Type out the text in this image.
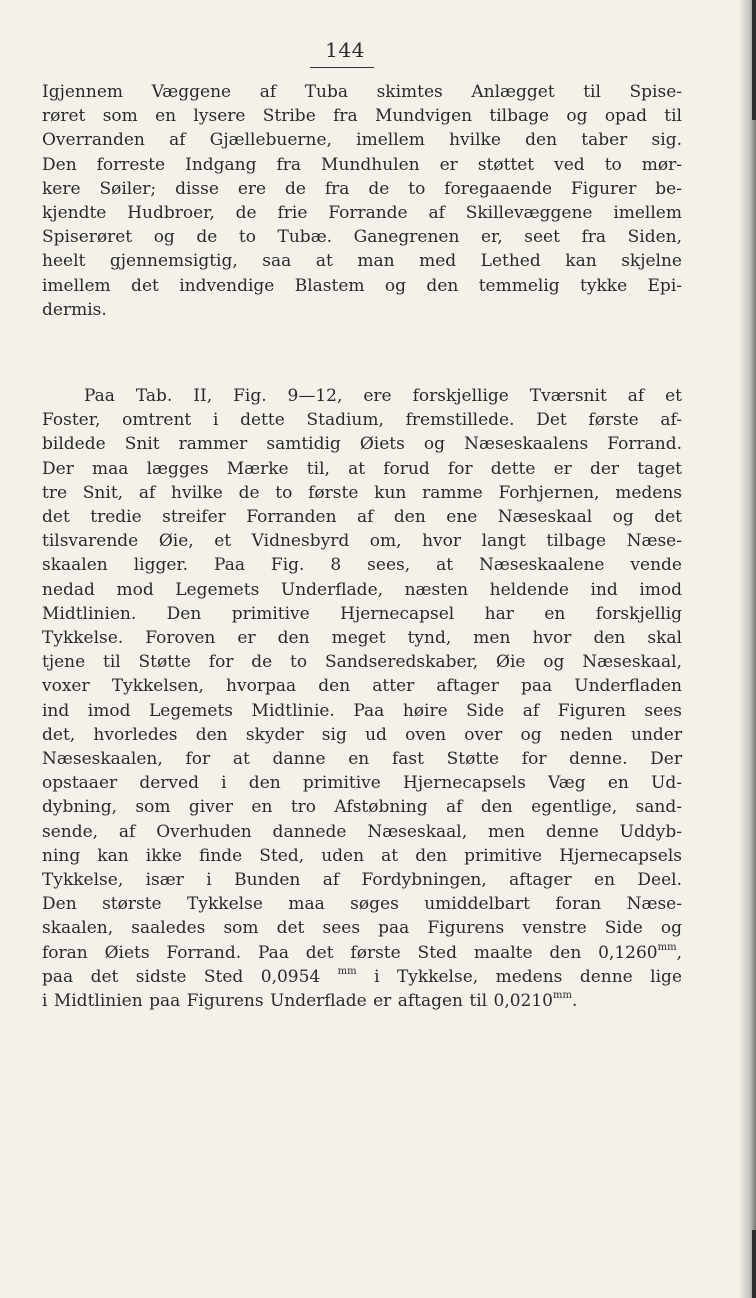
144
Igjennem Væggene af Tuba skimtes Anlægget til Spise-
røret som en lysere Stribe fra Mundvigen tilbage og opad til
Overranden af Gjællebuerne, imellem hvilke den taber sig.
Den forreste Indgang fra Mundhulen er støttet ved to mør-
kere Søiler; disse ere de fra de to foregaaende Figurer be-
kjendte Hudbroer, de frie Forrande af Skillevæggene imellem
Spiserøret og de to Tubæ. Ganegrenen er, seet fra Siden,
heelt gjennemsigtig, saa at man med Lethed kan skjelne
imellem det indvendige Blastem og den temmelig tykke Epi-
dermis.
Paa Tab. II, Fig. 9—12, ere forskjellige Tværsnit af et
Foster, omtrent i dette Stadium, fremstillede. Det første af-
bildede Snit rammer samtidig Øiets og Næseskaalens Forrand.
Der maa lægges Mærke til, at forud for dette er der taget
tre Snit, af hvilke de to første kun ramme Forhjernen, medens
det tredie streifer Forranden af den ene Næseskaal og det
tilsvarende Øie, et Vidnesbyrd om, hvor langt tilbage Næse-
skaalen ligger. Paa Fig. 8 sees, at Næseskaalene vende
nedad mod Legemets Underflade, næsten heldende ind imod
Midtlinien. Den primitive Hjernecapsel har en forskjellig
Tykkelse. Foroven er den meget tynd, men hvor den skal
tjene til Støtte for de to Sandseredskaber, Øie og Næseskaal,
voxer Tykkelsen, hvorpaa den atter aftager paa Underfladen
ind imod Legemets Midtlinie. Paa høire Side af Figuren sees
det, hvorledes den skyder sig ud oven over og neden under
Næseskaalen, for at danne en fast Støtte for denne. Der
opstaaer derved i den primitive Hjernecapsels Væg en Ud-
dybning, som giver en tro Afstøbning af den egentlige, sand-
sende, af Overhuden dannede Næseskaal, men denne Uddyb-
ning kan ikke finde Sted, uden at den primitive Hjernecapsels
Tykkelse, især i Bunden af Fordybningen, aftager en Deel.
Den største Tykkelse maa søges umiddelbart foran Næse-
skaalen, saaledes som det sees paa Figurens venstre Side og
foran Øiets Forrand. Paa det første Sted maalte den $0,1260^{mm}$,
paa det sidste Sted 0,0954 $^{mm}$ i Tykkelse, medens denne lige
i Midtlinien paa Figurens Underflade er aftagen til $0,0210^{mm}$.
